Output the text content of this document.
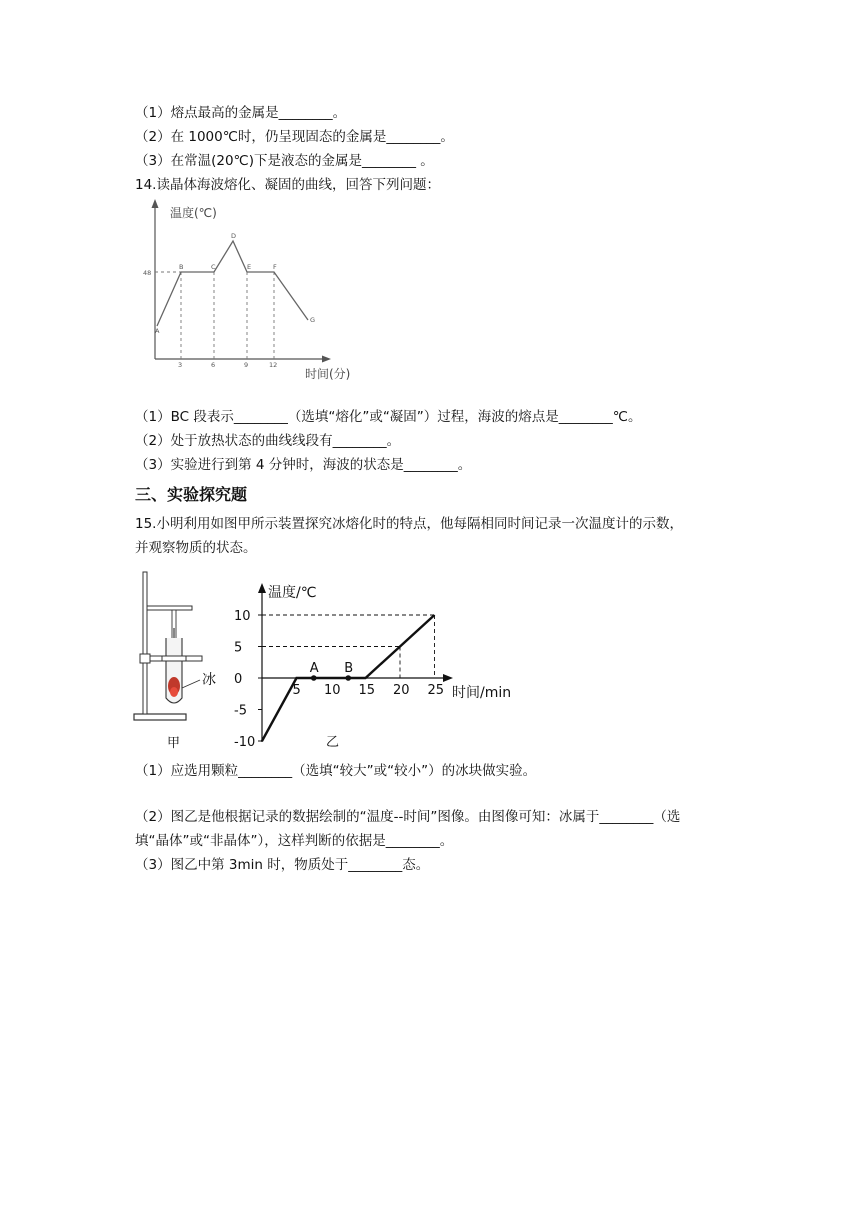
（1）熔点最高的金属是________。
（2）在 1000℃时，仍呈现固态的金属是________。
（3）在常温(20℃)下是液态的金属是________ 。
14.读晶体海波熔化、凝固的曲线，回答下列问题：
温度(℃)
时间(分)
48
3	6	9	12
A
B	C
D
E	F
G
（1）BC 段表示________（选填“熔化”或“凝固”）过程，海波的熔点是________℃。
（2）处于放热状态的曲线线段有________。
（3）实验进行到第 4 分钟时，海波的状态是________。
三、实验探究题
15.小明利用如图甲所示装置探究冰熔化时的特点，他每隔相同时间记录一次温度计的示数，
并观察物质的状态。
冰
甲
温度/℃
时间/min
-10
-5
0
5
10
5 10 15 20 25
A B
乙
（1）应选用颗粒________（选填“较大”或“较小”）的冰块做实验。
（2）图乙是他根据记录的数据绘制的“温度--时间”图像。由图像可知：冰属于________（选
填“晶体”或“非晶体”），这样判断的依据是________。
（3）图乙中第 3min 时，物质处于________态。
